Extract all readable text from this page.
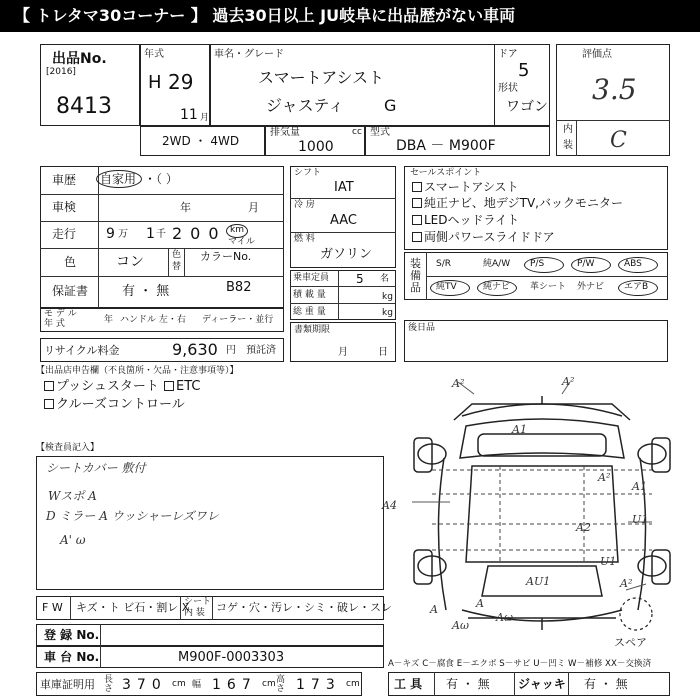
【 トレタマ30コーナー 】 過去30日以上 JU岐阜に出品歴がない車両
出品No.
[2016]
8413
年式
H 29
11 月
車名・グレード
スマートアシスト
ジャスティ G
ドア
5
形状
ワゴン
評価点
3.5
内
装 C
2WD ・ 4WD
排気量	cc
1000
型式
DBA － M900F
車歴 自家用 ・（ ）
車検	年	月
走行 9 万 1 千 200 km
マイル
色	コン	色
替
カラーNo.
保証書	有 ・ 無	B82
モ デ ル
年 式	年 ハンドル 左・右 ディーラー・並行
リサイクル料金	9,630 円 預託済
シフト
IAT
冷 房
AAC
燃 料
ガソリン
乗車定員 5 名
積 載 量	kg
総 重 量	kg
書類期限
月	日
セールスポイント
スマートアシスト
純正ナビ、地デジTV,バックモニター
LEDヘッドライト
両側パワースライドドア
装 備 品
S/R	純A/W P/S	P/W	ABS
純TV	純ナビ 革シート 外ナビ エアB
後日品
【出品店申告欄（不良箇所・欠品・注意事項等）】
プッシュスタート	ETC
クルーズコントロール
【検査員記入】
シートカバー 敷付
Wスポ A
D ミラー A ウッシャーレズワレ
A' ω
A²	A²
A1
A4
U1
A2
A1
A²
A
Aω
A
Aω
AU1
U1
A²
スペア
F W キズ・ト ビ石・割レ X
シート
内 装 コゲ・穴・汚レ・シミ・破レ・スレ
登 録 No.
車 台 No.	M900F-0003303	A－キズ C－腐食 E－エクボ S－サビ U－凹ミ W－補修 XX－交換済
車庫証明用 長 さ 370 cm 幅 167 cm 高 さ 173 cm	工 具 有 ・ 無 ジャッキ 有 ・ 無
